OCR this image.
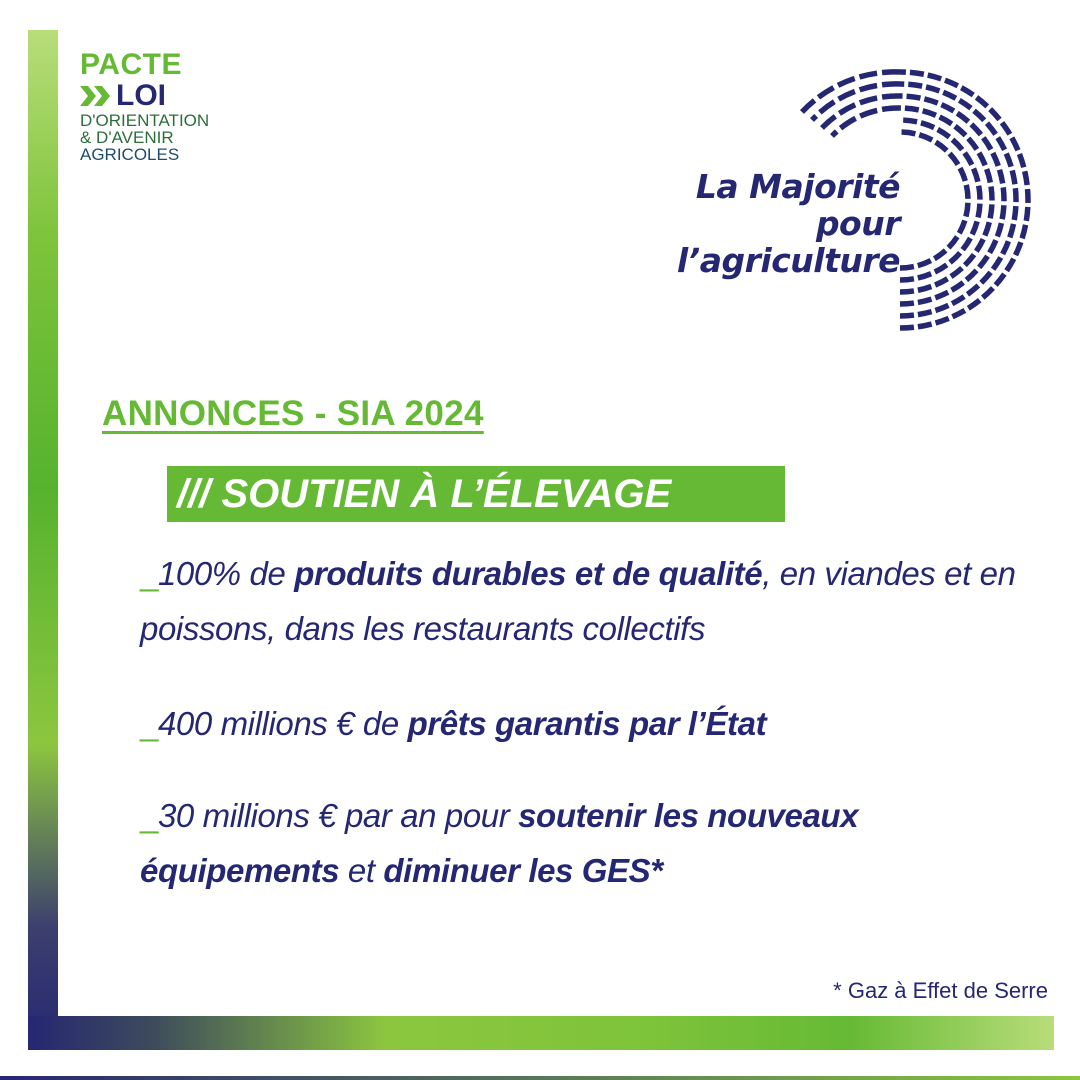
PACTE
LOI
D'ORIENTATION
& D'AVENIR
AGRICOLES
La Majorité
pour l’agriculture
ANNONCES - SIA 2024
/// SOUTIEN À L’ÉLEVAGE
_100% de produits durables et de qualité, en viandes et en poissons, dans les restaurants collectifs
_400 millions € de prêts garantis par l’État
_30 millions € par an pour soutenir les nouveaux équipements et diminuer les GES*
* Gaz à Effet de Serre
